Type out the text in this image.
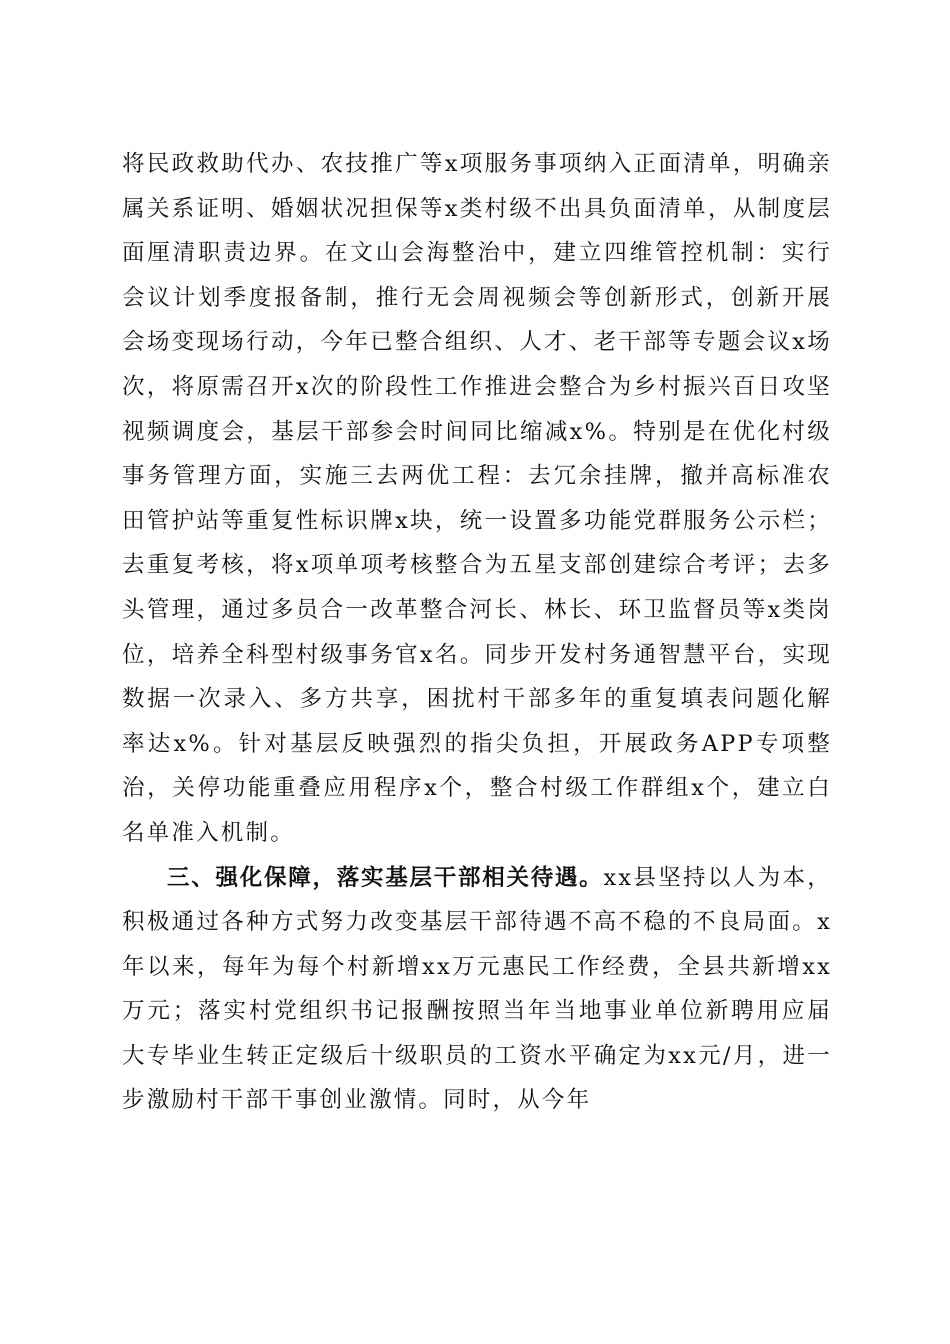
将民政救助代办、农技推广等x项服务事项纳入正面清单，明确亲属关系证明、婚姻状况担保等x类村级不出具负面清单，从制度层面厘清职责边界。在文山会海整治中，建立四维管控机制：实行会议计划季度报备制，推行无会周视频会等创新形式，创新开展会场变现场行动，今年已整合组织、人才、老干部等专题会议x场次，将原需召开x次的阶段性工作推进会整合为乡村振兴百日攻坚视频调度会，基层干部参会时间同比缩减x%。特别是在优化村级事务管理方面，实施三去两优工程：去冗余挂牌，撤并高标准农田管护站等重复性标识牌x块，统一设置多功能党群服务公示栏；去重复考核，将x项单项考核整合为五星支部创建综合考评；去多头管理，通过多员合一改革整合河长、林长、环卫监督员等x类岗位，培养全科型村级事务官x名。同步开发村务通智慧平台，实现数据一次录入、多方共享，困扰村干部多年的重复填表问题化解率达x%。针对基层反映强烈的指尖负担，开展政务APP专项整治，关停功能重叠应用程序x个，整合村级工作群组x个，建立白名单准入机制。

三、强化保障，落实基层干部相关待遇。xx县坚持以人为本，积极通过各种方式努力改变基层干部待遇不高不稳的不良局面。x年以来，每年为每个村新增xx万元惠民工作经费，全县共新增xx万元；落实村党组织书记报酬按照当年当地事业单位新聘用应届大专毕业生转正定级后十级职员的工资水平确定为xx元/月，进一步激励村干部干事创业激情。同时，从今年
